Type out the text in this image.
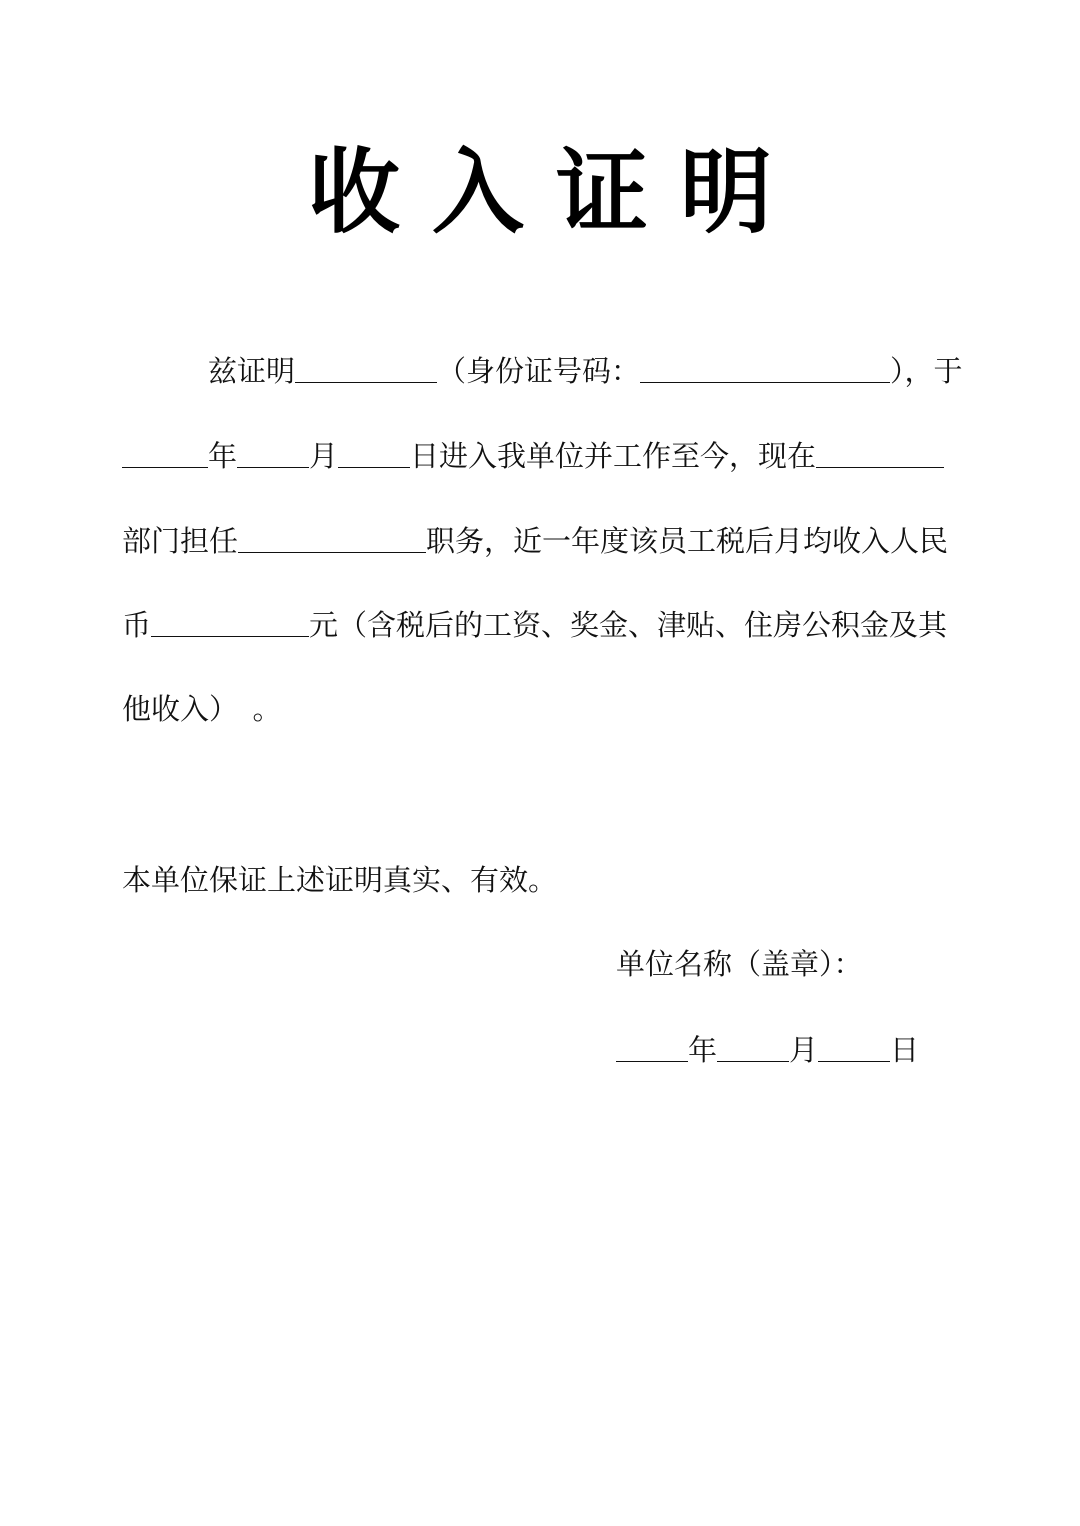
收入证明
兹证明	（身份证号码：	），于
年 月 日进入我单位并工作至今，现在
部门担任	职务，近一年度该员工税后月均收入人民
币	元（含税后的工资、奖金、津贴、住房公积金及其
他收入）　。
本单位保证上述证明真实、有效。
单位名称（盖章）：
年 月 日
